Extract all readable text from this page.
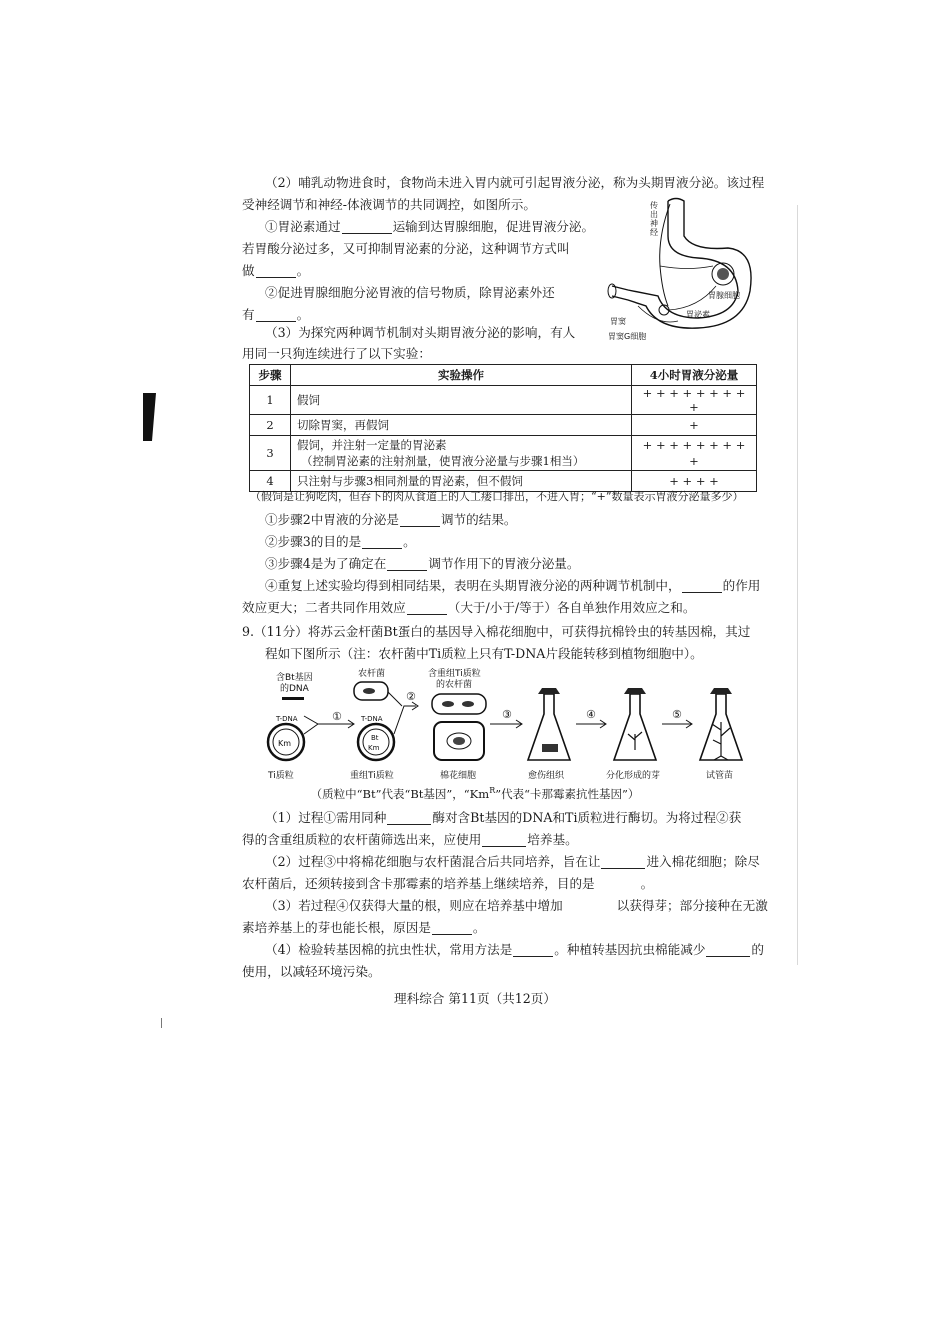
（2）哺乳动物进食时，食物尚未进入胃内就可引起胃液分泌，称为头期胃液分泌。该过程
受神经调节和神经-体液调节的共同调控，如图所示。
①胃泌素通过	运输到达胃腺细胞，促进胃液分泌。
若胃酸分泌过多，又可抑制胃泌素的分泌，这种调节方式叫
做	。
②促进胃腺细胞分泌胃液的信号物质，除胃泌素外还
有	。
传出神经
胃腺细胞
胃泌素
胃窦
胃窦G细胞
（3）为探究两种调节机制对头期胃液分泌的影响，有人
用同一只狗连续进行了以下实验：
步骤	实验操作	4小时胃液分泌量
1	假饲	+ + + + + + + + +
2	切除胃窦，再假饲	+
3	假饲，并注射一定量的胃泌素
（控制胃泌素的注射剂量，使胃液分泌量与步骤1相当）	+ + + + + + + + +
4	只注射与步骤3相同剂量的胃泌素，但不假饲	+ + + +
（假饲是让狗吃肉，但吞下的肉从食道上的人工瘘口排出，不进入胃；“+”数量表示胃液分泌量多少）
①步骤2中胃液的分泌是	调节的结果。
②步骤3的目的是	。
③步骤4是为了确定在	调节作用下的胃液分泌量。
④重复上述实验均得到相同结果，表明在头期胃液分泌的两种调节机制中，	的作用
效应更大；二者共同作用效应	（大于/小于/等于）各自单独作用效应之和。
9.（11分）将苏云金杆菌Bt蛋白的基因导入棉花细胞中，可获得抗棉铃虫的转基因棉，其过
程如下图所示（注：农杆菌中Ti质粒上只有T-DNA片段能转移到植物细胞中）。
含Bt基因
的DNA
T-DNA
Km
Ti质粒
①	T-DNA
Bt
Km
重组Ti质粒
农杆菌
②
含重组Ti质粒
的农杆菌
棉花细胞
③
愈伤组织
④
分化形成的芽
⑤
试管苗
（质粒中“Bt”代表“Bt基因”，“$Km^R$”代表“卡那霉素抗性基因”）
（1）过程①需用同种	酶对含Bt基因的DNA和Ti质粒进行酶切。为将过程②获
得的含重组质粒的农杆菌筛选出来，应使用	培养基。
（2）过程③中将棉花细胞与农杆菌混合后共同培养，旨在让	进入棉花细胞；除尽
农杆菌后，还须转接到含卡那霉素的培养基上继续培养，目的是	。
（3）若过程④仅获得大量的根，则应在培养基中增加	以获得芽；部分接种在无激
素培养基上的芽也能长根，原因是	。
（4）检验转基因棉的抗虫性状，常用方法是	。种植转基因抗虫棉能减少	的
使用，以减轻环境污染。
理科综合 第11页（共12页）
